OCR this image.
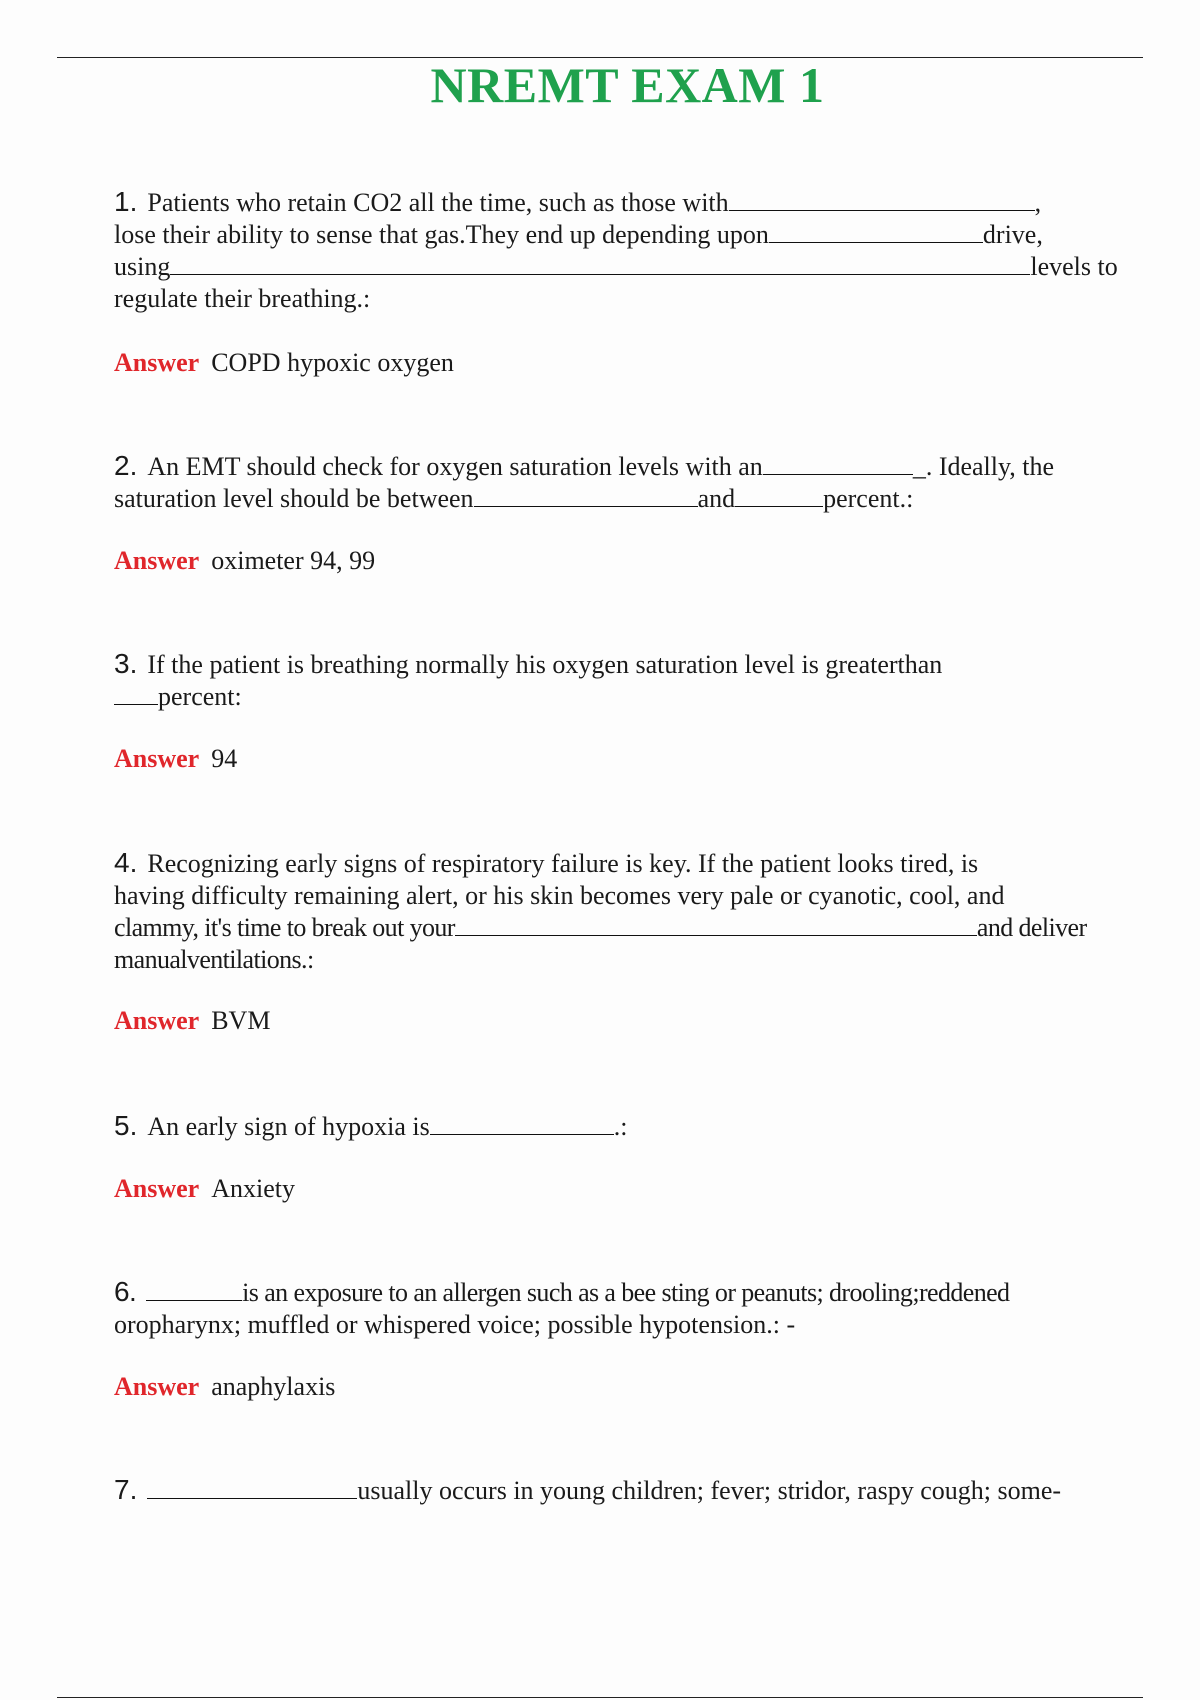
NREMT EXAM 1
1. Patients who retain CO2 all the time, such as those with	,
lose their ability to sense that gas.They end up depending upon	drive,
using	levels to
regulate their breathing.:
Answer COPD hypoxic oxygen
2. An EMT should check for oxygen saturation levels with an	_. Ideally, the
saturation level should be between	and	percent.:
Answer oximeter 94, 99
3. If the patient is breathing normally his oxygen saturation level is greaterthan
percent:
Answer 94
4. Recognizing early signs of respiratory failure is key. If the patient looks tired, is
having difficulty remaining alert, or his skin becomes very pale or cyanotic, cool, and
clammy, it's time to break out your	and deliver
manualventilations.:
Answer BVM
5. An early sign of hypoxia is	.:
Answer Anxiety
6.	is an exposure to an allergen such as a bee sting or peanuts; drooling;reddened
oropharynx; muffled or whispered voice; possible hypotension.: -
Answer anaphylaxis
7.	usually occurs in young children; fever; stridor, raspy cough; some-
